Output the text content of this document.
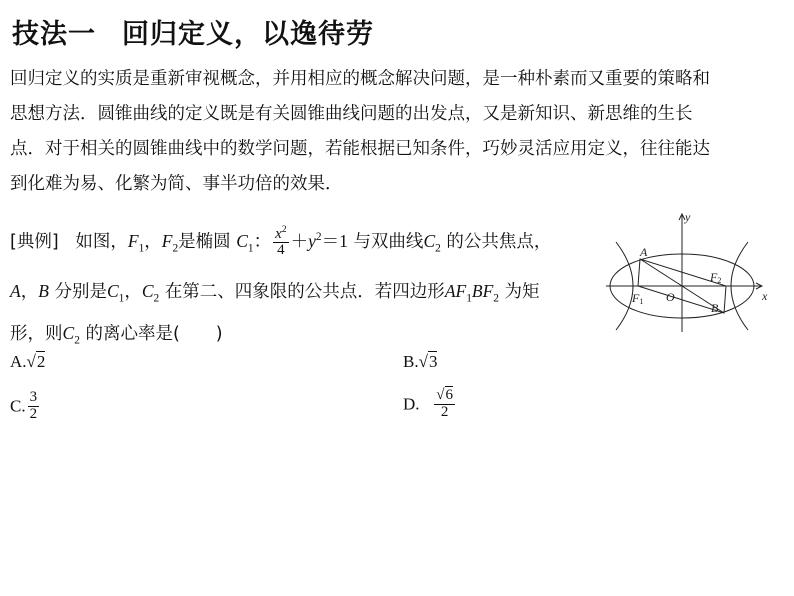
技法一 回归定义，以逸待劳
回归定义的实质是重新审视概念，并用相应的概念解决问题，是一种朴素而又重要的策略和
思想方法．圆锥曲线的定义既是有关圆锥曲线问题的出发点，又是新知识、新思维的生长
点．对于相关的圆锥曲线中的数学问题，若能根据已知条件，巧妙灵活应用定义，往往能达
到化难为易、化繁为简、事半功倍的效果．
[典例] 如图，$F_1$，$F_2$是椭圆 $C_1$： $\frac{x^2}{4} +y^2=1$ 与双曲线$C_2$ 的公共焦点，
A，B 分别是$C_1$，$C_2$ 在第二、四象限的公共点．若四边形$AF_1BF_2$ 为矩
形，则$C_2$ 的离心率是( )
A.√2	B.√3
C. $\frac{3}{2}$	D. $\frac{√6}{2}$
y
x
O
A
B
F1
F2
